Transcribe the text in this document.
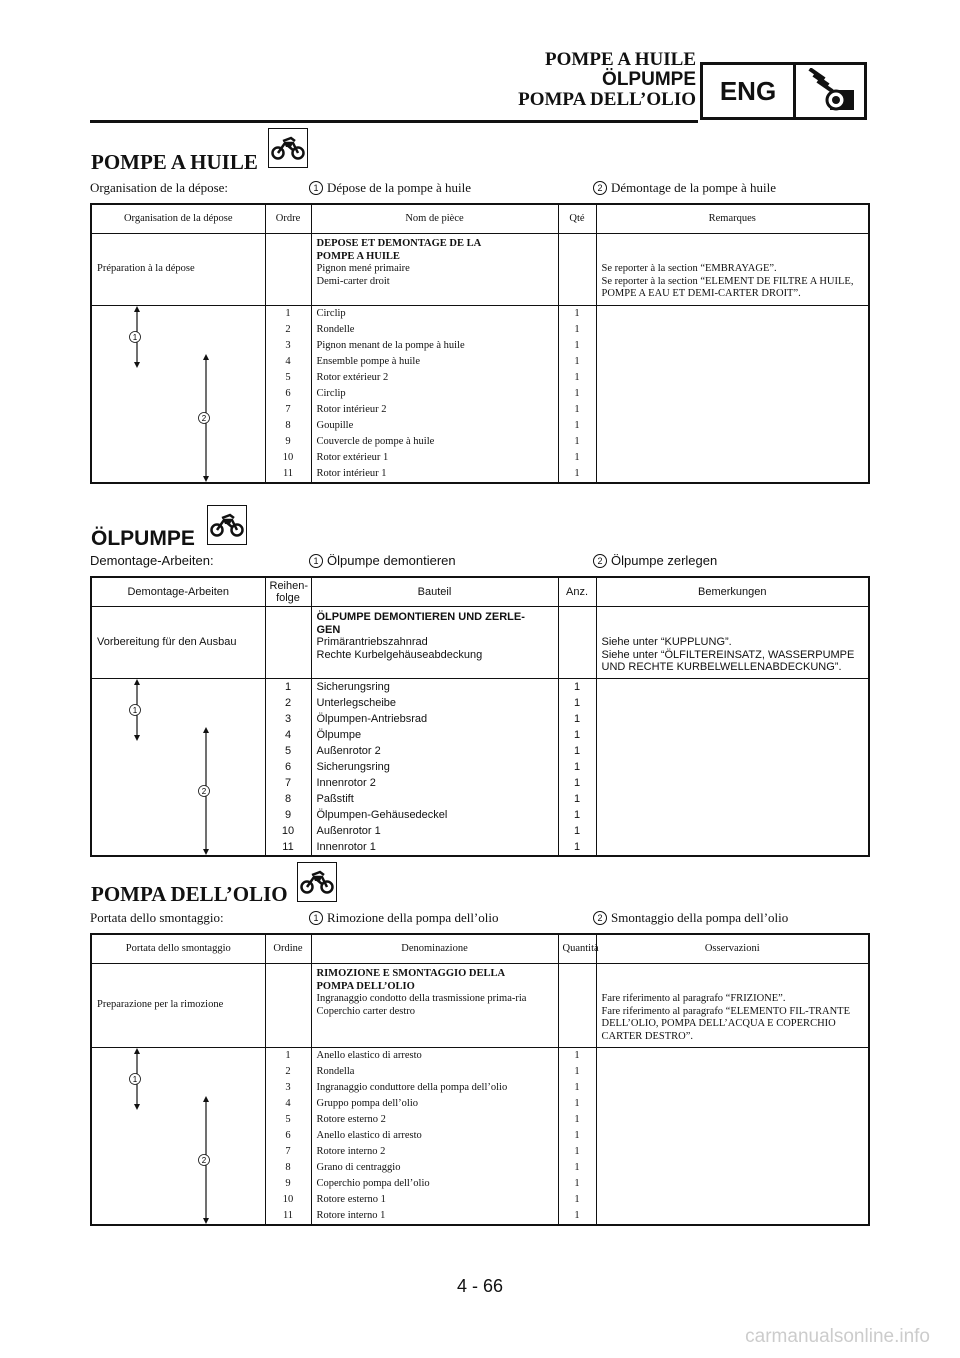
POMPE A HUILE
ÖLPUMPE
POMPA DELL’OLIO ENG
POMPE A HUILE
Organisation de la dépose:	1 Dépose de la pompe à huile	2 Démontage de la pompe à huile
ÖLPUMPE
Demontage-Arbeiten:	1 Ölpumpe demontieren	2 Ölpumpe zerlegen
POMPA DELL’OLIO
Portata dello smontaggio:	1 Rimozione della pompa dell’olio	2 Smontaggio della pompa dell’olio
Organisation de la dépose	Ordre	Nom de pièce	Qté	Remarques
Préparation à la dépose		DEPOSE ET DEMONTAGE DE LA
POMPE A HUILE
Pignon mené primaire
Demi-carter droit		Se reporter à la section “EMBRAYAGE”.
Se reporter à la section “ELEMENT DE FILTRE A HUILE, POMPE A EAU ET DEMI-CARTER DROIT”.

1
2	1	Circlip	1	
	2	Rondelle	1	
	3	Pignon menant de la pompe à huile	1	
	4	Ensemble pompe à huile	1	
	5	Rotor extérieur 2	1	
	6	Circlip	1	
	7	Rotor intérieur 2	1	
	8	Goupille	1	
	9	Couvercle de pompe à huile	1	
	10	Rotor extérieur 1	1	
	11	Rotor intérieur 1	1	
Demontage-Arbeiten	Reihen-
folge	Bauteil	Anz.	Bemerkungen
Vorbereitung für den Ausbau		ÖLPUMPE DEMONTIEREN UND ZERLE-
GEN
Primärantriebszahnrad
Rechte Kurbelgehäuseabdeckung		Siehe unter “KUPPLUNG”.
Siehe unter “ÖLFILTEREINSATZ, WASSERPUMPE UND RECHTE KURBELWELLENABDECKUNG”.

1
2	1	Sicherungsring	1	
	2	Unterlegscheibe	1	
	3	Ölpumpen-Antriebsrad	1	
	4	Ölpumpe	1	
	5	Außenrotor 2	1	
	6	Sicherungsring	1	
	7	Innenrotor 2	1	
	8	Paßstift	1	
	9	Ölpumpen-Gehäusedeckel	1	
	10	Außenrotor 1	1	
	11	Innenrotor 1	1	
Portata dello smontaggio	Ordine	Denominazione	Quantità	Osservazioni
Preparazione per la rimozione		RIMOZIONE E SMONTAGGIO DELLA
POMPA DELL’OLIO
Ingranaggio condotto della trasmissione prima-ria
Coperchio carter destro		Fare riferimento al paragrafo “FRIZIONE”.
Fare riferimento al paragrafo “ELEMENTO FIL-TRANTE DELL’OLIO, POMPA DELL’ACQUA E COPERCHIO CARTER DESTRO”.

1
2	1	Anello elastico di arresto	1	
	2	Rondella	1	
	3	Ingranaggio conduttore della pompa dell’olio	1	
	4	Gruppo pompa dell’olio	1	
	5	Rotore esterno 2	1	
	6	Anello elastico di arresto	1	
	7	Rotore interno 2	1	
	8	Grano di centraggio	1	
	9	Coperchio pompa dell’olio	1	
	10	Rotore esterno 1	1	
	11	Rotore interno 1	1	
4 - 66
carmanualsonline.info
